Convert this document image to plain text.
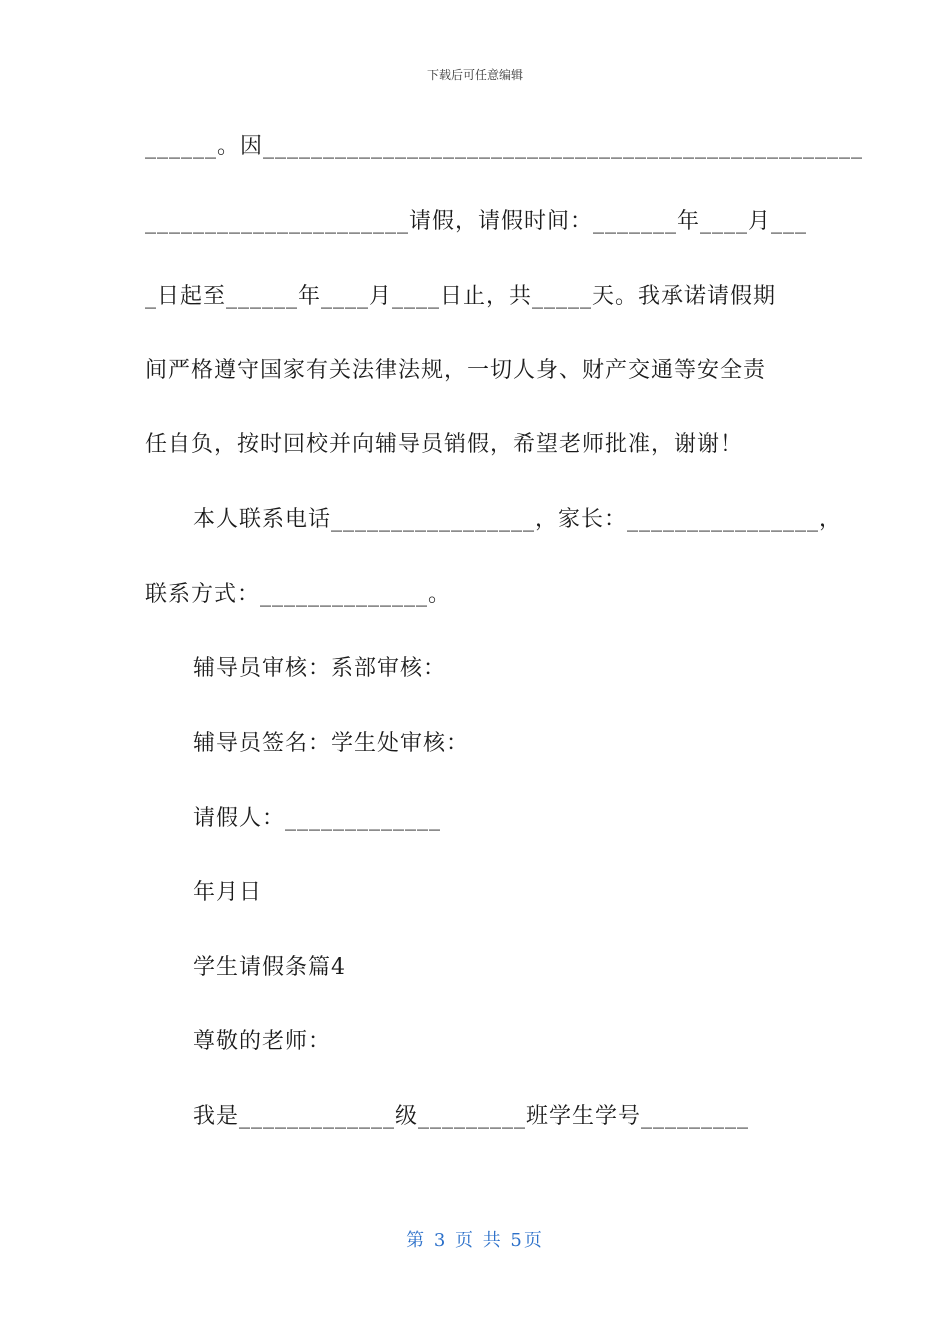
下载后可任意编辑
______。因__________________________________________________
______________________请假，请假时间：_______年____月___
_日起至______年____月____日止，共_____天。我承诺请假期
间严格遵守国家有关法律法规，一切人身、财产交通等安全责
任自负，按时回校并向辅导员销假，希望老师批准，谢谢！
本人联系电话_________________，家长：________________，
联系方式：______________。
辅导员审核：系部审核：
辅导员签名：学生处审核：
请假人：_____________
年月日
学生请假条篇4
尊敬的老师：
我是_____________级_________班学生学号_________
第 3 页 共 5页
